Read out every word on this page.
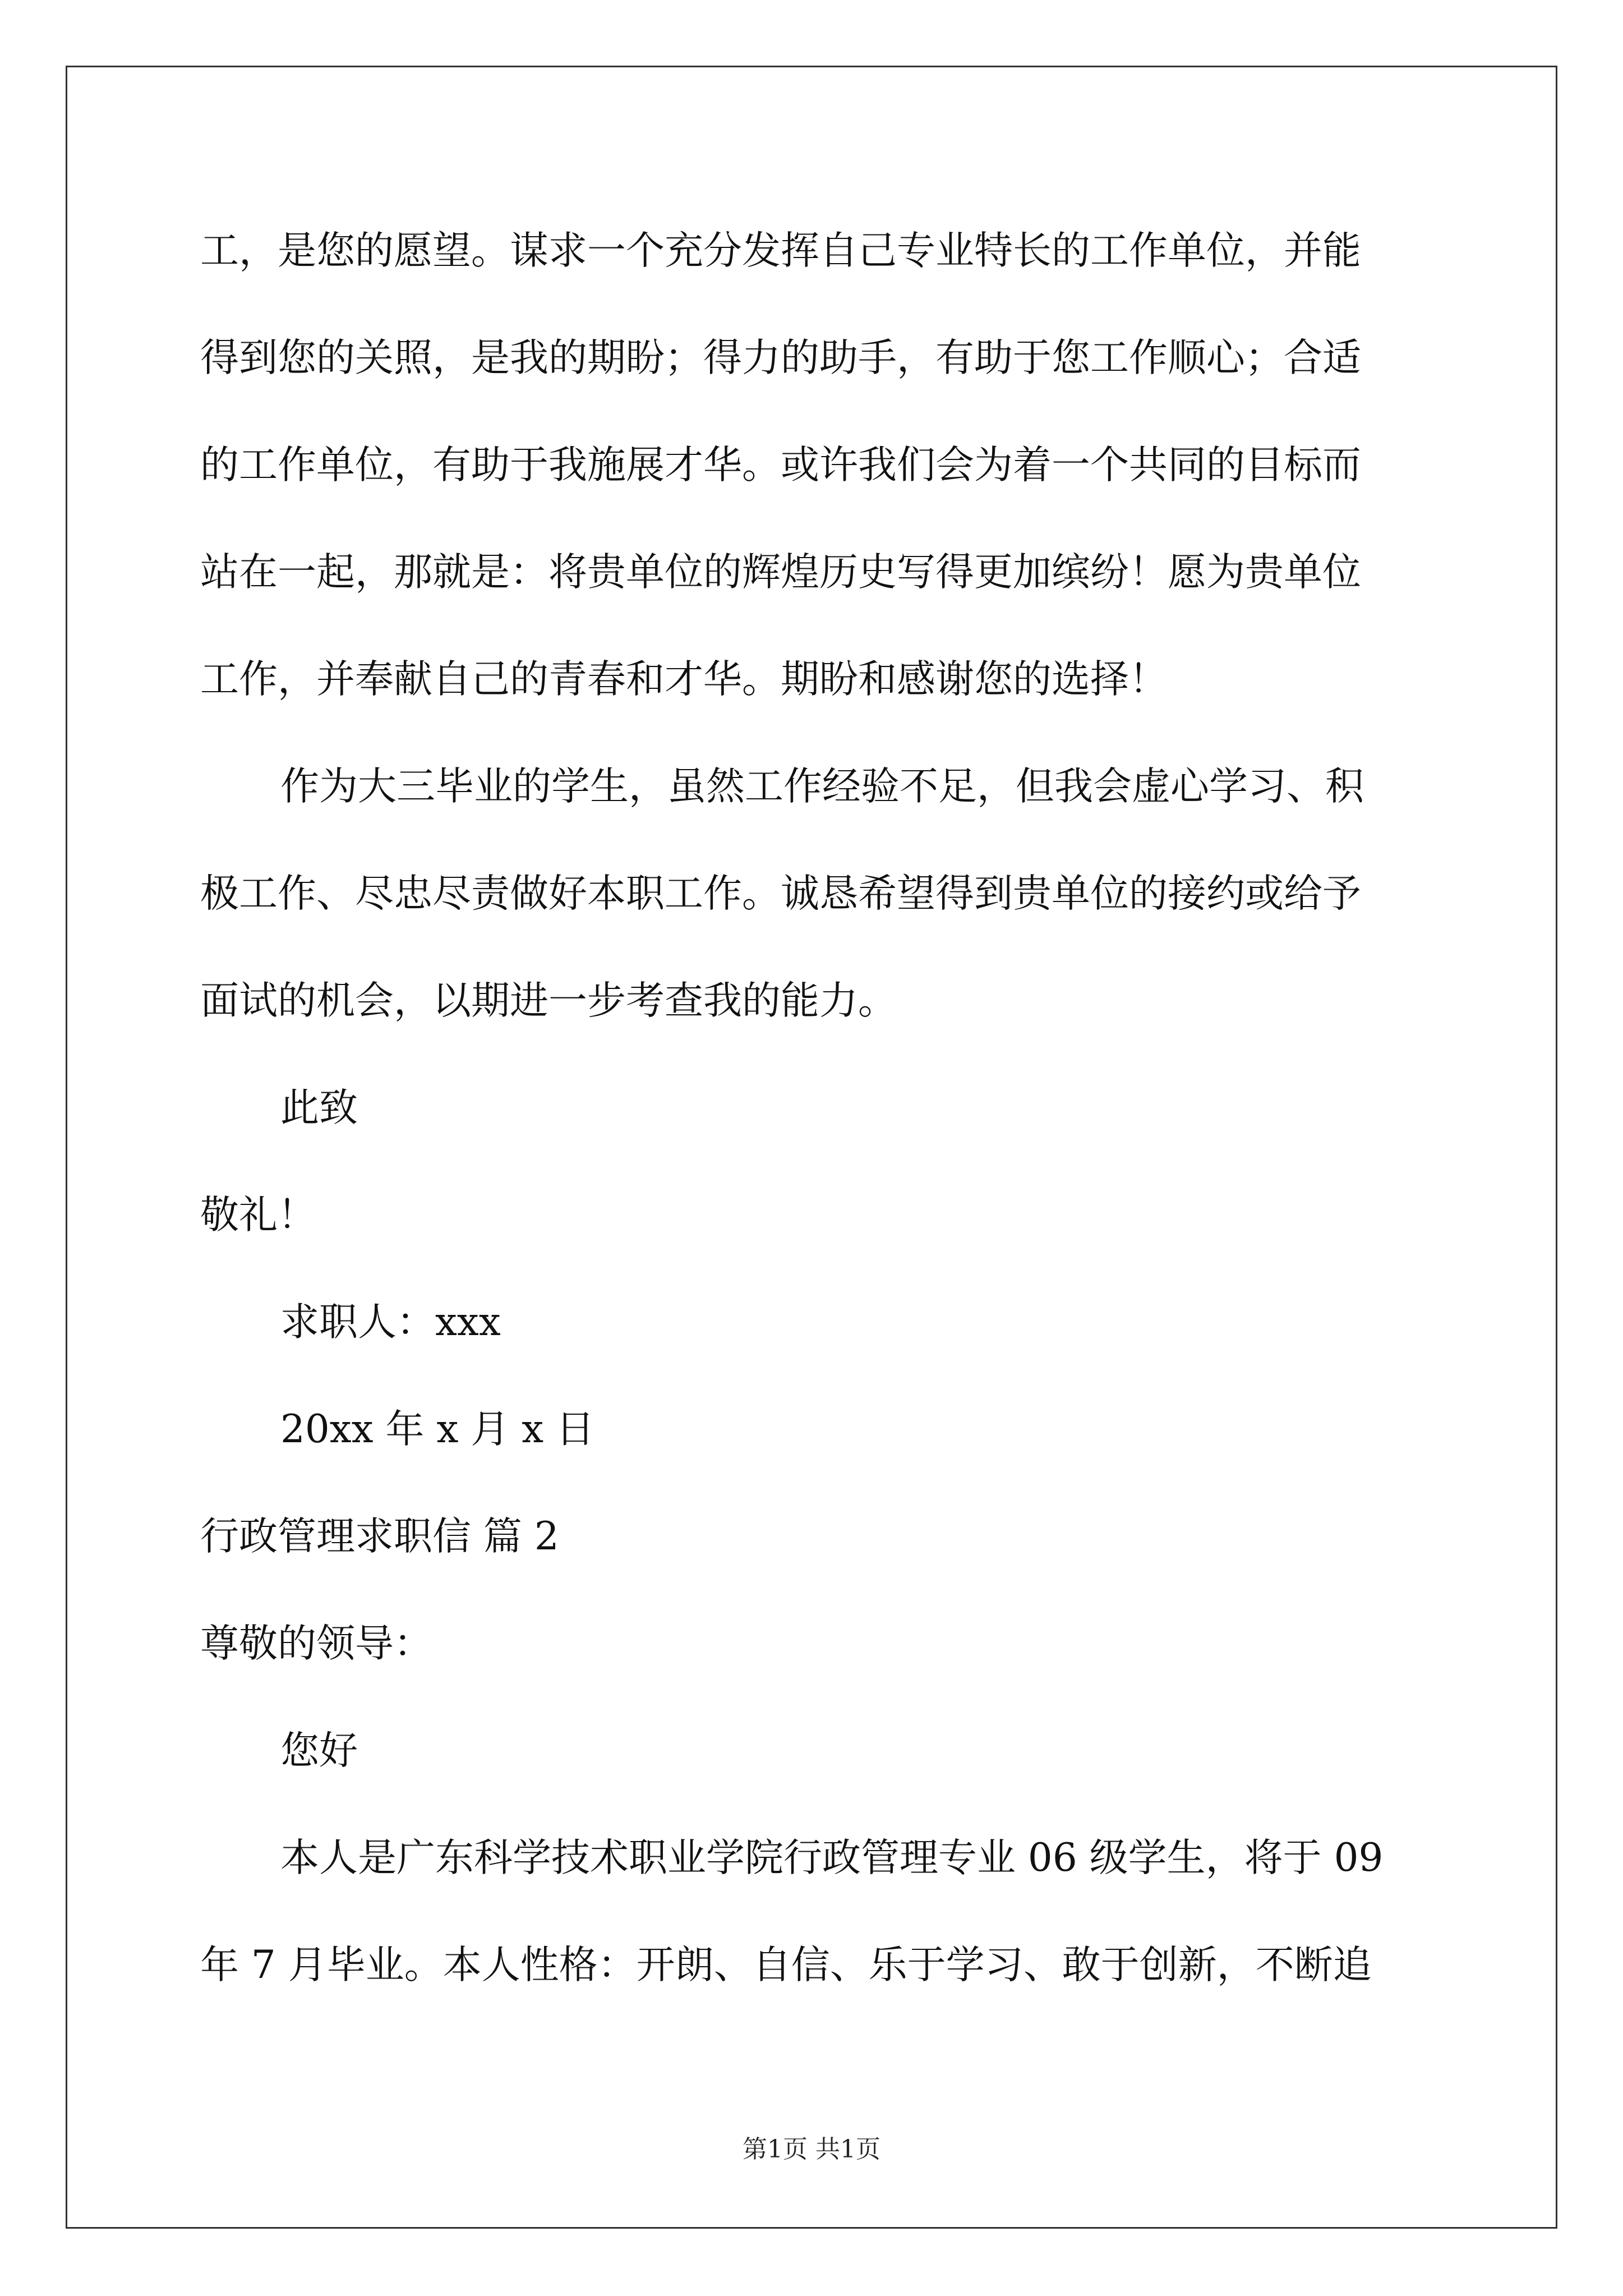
工，是您的愿望。谋求一个充分发挥自己专业特长的工作单位，并能
得到您的关照，是我的期盼；得力的助手，有助于您工作顺心；合适
的工作单位，有助于我施展才华。或许我们会为着一个共同的目标而
站在一起，那就是：将贵单位的辉煌历史写得更加缤纷！愿为贵单位
工作，并奉献自己的青春和才华。期盼和感谢您的选择！
作为大三毕业的学生，虽然工作经验不足，但我会虚心学习、积
极工作、尽忠尽责做好本职工作。诚恳希望得到贵单位的接约或给予
面试的机会，以期进一步考查我的能力。
此致
敬礼！
求职人：xxx
20xx 年 x 月 x 日
行政管理求职信 篇 2
尊敬的领导：
您好
本人是广东科学技术职业学院行政管理专业 06 级学生，将于 09
年 7 月毕业。本人性格：开朗、自信、乐于学习、敢于创新，不断追
第1页 共1页
